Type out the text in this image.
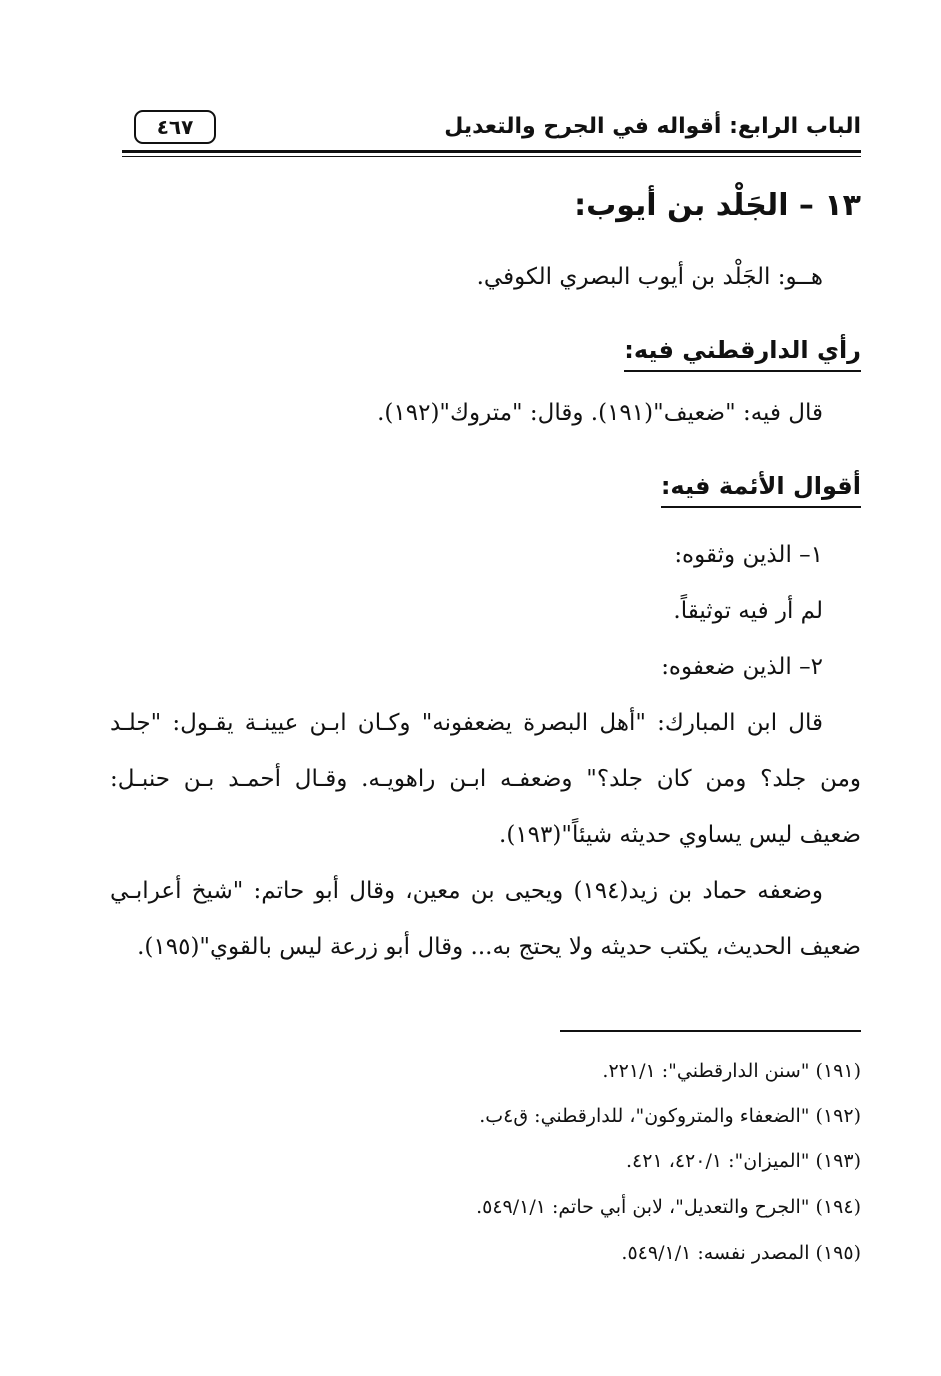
الباب الرابع: أقواله في الجرح والتعديل
٤٦٧
١٣ – الجَلْد بن أيوب:
هــو: الجَلْد بن أيوب البصري الكوفي.
رأي الدارقطني فيه:
قال فيه: "ضعيف"(١٩١). وقال: "متروك"(١٩٢).
أقوال الأئمة فيه:
١– الذين وثقوه:
لم أر فيه توثيقاً.
٢– الذين ضعفوه:
قال ابن المبارك: "أهل البصرة يضعفونه" وكـان ابـن عيينـة يقـول: "جلـد
ومن جلد؟ ومن كان جلد؟" وضعفـه ابـن راهويـه. وقـال أحمـد بـن حنبـل:
ضعيف ليس يساوي حديثه شيئاً"(١٩٣).
وضعفه حماد بن زيد(١٩٤) ويحيى بن معين، وقال أبو حاتم: "شيخ أعرابـي
ضعيف الحديث، يكتب حديثه ولا يحتج به... وقال أبو زرعة ليس بالقوي"(١٩٥).
(١٩١) "سنن الدارقطني": ٢٢١/١.
(١٩٢) "الضعفاء والمتروكون"، للدارقطني: ق٤ب.
(١٩٣) "الميزان": ٤٢٠/١، ٤٢١.
(١٩٤) "الجرح والتعديل"، لابن أبي حاتم: ٥٤٩/١/١.
(١٩٥) المصدر نفسه: ٥٤٩/١/١.
